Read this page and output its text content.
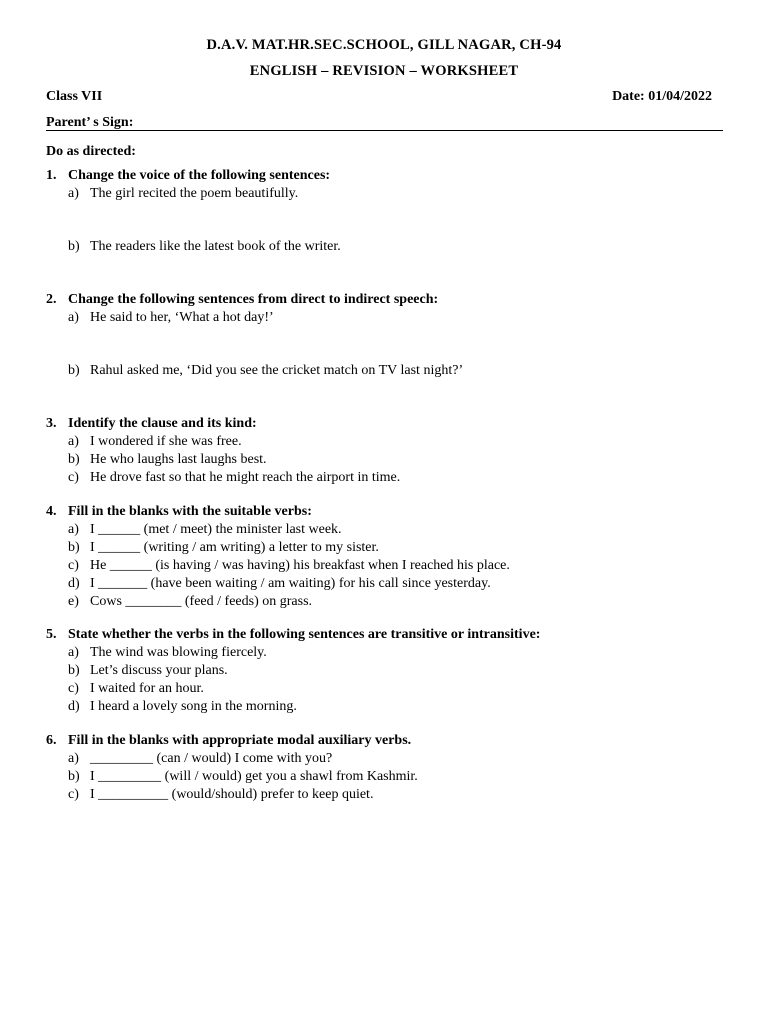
D.A.V. MAT.HR.SEC.SCHOOL, GILL NAGAR, CH-94
ENGLISH – REVISION – WORKSHEET
Class VII	Date: 01/04/2022
Parent’ s Sign:
Do as directed:
1. Change the voice of the following sentences:
a) The girl recited the poem beautifully.
b) The readers like the latest book of the writer.
2. Change the following sentences from direct to indirect speech:
a) He said to her, ‘What a hot day!’
b) Rahul asked me, ‘Did you see the cricket match on TV last night?’
3. Identify the clause and its kind:
a) I wondered if she was free.
b) He who laughs last laughs best.
c) He drove fast so that he might reach the airport in time.
4. Fill in the blanks with the suitable verbs:
a) I ______ (met / meet) the minister last week.
b) I ______ (writing / am writing) a letter to my sister.
c) He ______ (is having / was having) his breakfast when I reached his place.
d) I _______ (have been waiting / am waiting) for his call since yesterday.
e) Cows ________ (feed / feeds) on grass.
5. State whether the verbs in the following sentences are transitive or intransitive:
a) The wind was blowing fiercely.
b) Let’s discuss your plans.
c) I waited for an hour.
d) I heard a lovely song in the morning.
6. Fill in the blanks with appropriate modal auxiliary verbs.
a) _________ (can / would) I come with you?
b) I _________ (will / would) get you a shawl from Kashmir.
c) I __________ (would/should) prefer to keep quiet.
